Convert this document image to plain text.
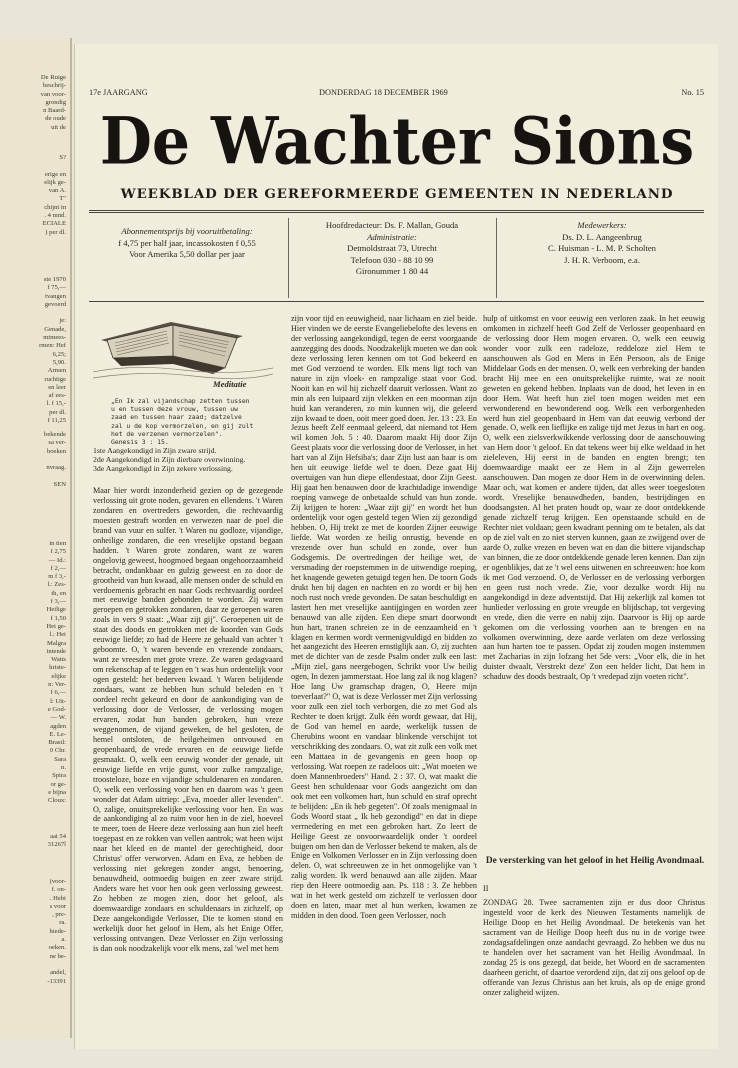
De Ruige
beschrij-
van voor-
grondig
n Baard-
de oude
uit de
S?

erige en
elijk ge-
van A.
T"
chijnt in
. 4 mnd.
ECIALE
) per dl.
ste 1970
f 75,—
tvangen
gevoerd

je:
Genade,
mtmees-
rmen: Hef
6,25;
5,90.
Armen
ruchtige
en leer
af zes-
l. f 15,-
per dl.
f 11,25
bekende
sa ver-
boeken

nvraag.

SEN
in tien
f 2,75
— Id.:
f 2,—
m f 3,-
l.: Zes-
th, en
f 3,—
Heilige
f 1,50
Het ge-
l.: Het
Malgra
intende
Watts
hriste-
elijke
n: Ver-
f 6,—
l: Uit-
e God-
— W.
agden
E. Le-
Brasil:
0 Chr.
Sara
n.
Spira
or ge-
e bijna
Cloux:
aat 54
31267l
(voor-
f. on-
. Hebt
s voor
, pre-
ra.
hiede-
a.
oeken.
ne be-

andel,
-13391
17e JAARGANG	DONDERDAG 18 DECEMBER 1969	No. 15
De Wachter Sions
WEEKBLAD DER GEREFORMEERDE GEMEENTEN IN NEDERLAND
Abonnementsprijs bij vooruitbetaling:
f 4,75 per half jaar, incassokosten f 0,55
Voor Amerika 5,50 dollar per jaar
Hoofdredacteur: Ds. F. Mallan, Gouda
Administratie:
Detmoldstraat 73, Utrecht
Telefoon 030 - 88 10 99
Gironummer 1 80 44
Medewerkers:
Ds. D. L. Aangeenbrug
C. Huisman - L. M. P. Scholten
J. H. R. Verboom, e.a.
Meditatie
„En Ik zal vijandschap zetten tussen
u en tussen deze vrouw, tussen uw
zaad en tussen haar zaad; datzelve
zal u de kop vermorzelen, en gij zult
het de verzenen vermorzelen".
Genesis 3 : 15.
1ste Aangekondigd in Zijn zware strijd.
2de Aangekondigd in Zijn dierbare overwinning.
3de Aangekondigd in Zijn zekere verlossing.

Maar hier wordt inzonderheid gezien op de gezegende verlossing uit grote noden, gevaren en ellendens. 't Waren zondaren en overtreders geworden, die rechtvaardig moesten gestraft worden en verwezen naar de poel die brand van vuur en sulfer. 't Waren nu godloze, vijandige, onheilige zondaren, die een vreselijke opstand begaan hadden. 't Waren grote zondaren, want ze waren ongelovig geweest, hoogmoed begaan ongehoorzaamheid betracht, ondankbaar en gulzig geweest en zo door de grootheid van hun kwaad, alle mensen onder de schuld en verdoemenis gebracht en naar Gods rechtvaardig oordeel met eeuwige banden gebonden te worden. Zij waren geroepen en getrokken zondaren, daar ze geroepen waren zoals in vers 9 staat: „Waar zijt gij". Geroepenen uit de staat des doods en getrokken met de koorden van Gods eeuwige liefde; zo had de Heere ze gehaald van achter 't geboomte. O, 't waren bevende en vrezende zondaars, want ze vreesden met grote vreze. Ze waren gedagvaard om rekenschap af te leggen en 't was hun ordentelijk voor ogen gesteld: het bederven kwaad. 't Waren belijdende zondaars, want ze hebben hun schuld beleden en 't oordeel recht gekeurd en door de aankondiging van de verlossing door de Verlosser, de verlossing mogen ervaren, zodat hun banden gebroken, hun vreze weggenomen, de vijand geweken, de hel gesloten, de hemel ontsloten, de heilgeheimen ontvouwd en geopenbaard, de vrede ervaren en de eeuwige liefde gesmaakt. O, welk een eeuwig wonder der genade, uit eeuwige liefde en vrije gunst, voor zulke rampzalige, troosteloze, boze en vijandige schuldenaren en zondaren. O, welk een verlossing voor hen en daarom was 't geen wonder dat Adam uitriep: „Eva, moeder aller levenden". O, zalige, onuitsprekelijke verlossing voor hen. En was de aankondiging al zo ruim voor hen in de ziel, hoeveel te meer, toen de Heere deze verlossing aan hun ziel heeft toegepast en ze rokken van vellen aantrok; wat heen wijst naar het kleed en de mantel der gerechtigheid, door Christus' offer verworven. Adam en Eva, ze hebben de verlossing niet gekregen zonder angst, benoering, benauwdheid, ootmoedig buigen en zeer zware strijd. Anders ware het voor hen ook geen verlossing geweest. Zo hebben ze mogen zien, door het geloof, als doemwaardige zondaars en schuldenaars in zichzelf, op Deze aangekondigde Verlosser, Die te komen stond en werkelijk door het geloof in Hem, als het Enige Offer, verlossing ontvangen. Deze Verlosser en Zijn verlossing is dan ook noodzakelijk voor elk mens, zal 'wel met hem

zijn voor tijd en eeuwigheid, naar lichaam en ziel beide. Hier vinden we de eerste Evangeliebelofte des levens en der verlossing aangekondigd, tegen de eerst voorgaande aanzegging des doods. Noodzakelijk moeten we dan ook deze verlossing leren kennen om tot God bekeerd en met God verzoend te worden. Elk mens ligt toch van nature in zijn vloek- en rampzalige staat voor God. Nooit kan en wil hij zichzelf daaruit verlossen. Want zo min als een luipaard zijn vlekken en een moorman zijn huid kan veranderen, zo min kunnen wij, die geleerd zijn kwaad te doen, ooit meer goed doen. Jer. 13 : 23. En Jezus heeft Zelf eenmaal geleerd, dat niemand tot Hem wil komen Joh. 5 : 40. Daarom maakt Hij door Zijn Geest plaats voor die verlossing door de Verlosser, in het hart van al Zijn Hefsiba's; daar Zijn lust aan haar is om hen uit eeuwige liefde wel te doen. Deze gaat Hij overtuigen van hun diepe ellendestaat, door Zijn Geest. Hij gaat hen benauwen door de krachtdadige inwendige roeping vanwege de onbetaalde schuld van hun zonde. Zij krijgen te horen: „Waar zijt gij" en wordt het hun ordentelijk voor ogen gesteld tegen Wien zij gezondigd hebben. O, Hij trekt ze met de koorden Zijner eeuwige liefde. Wat worden ze heilig onrustig, bevende en vrezende over hun schuld en zonde, over hun Godsgemis. De overtredingen der heilige wet, de versmading der roepstemmen in de uitwendige roeping, het knagende geweten getuigd tegen hen. De toorn Gods drukt hen bij dagen en nachten en zo wordt er bij hen noch rust noch vrede gevonden. De satan beschuldigt en lastert hen met vreselijke aantijgingen en worden zeer benauwd van alle zijden. Een diepe smart doorwondt hun hart, tranen schreien ze in de eenzaamheid en 't klagen en kermen wordt vermenigvuldigd en bidden zo het aangezicht des Heeren ernstiglijk aan. O, zij zuchten met de dichter van de zesde Psalm onder zulk een last: „Mijn ziel, gans neergebogen, Schrikt voor Uw heilig ogen, In dezen jammerstaat. Hoe lang zal ik nog klagen? Hoe lang Uw gramschap dragen, O, Heere mijn toeverlaat?" O, wat is deze Verlosser met Zijn verlossing voor zulk een ziel toch verborgen, die zo met God als Rechter te doen krijgt. Zulk één wordt gewaar, dat Hij, de God van hemel en aarde, werkelijk tussen de Cherubins woont en vandaar blinkende verschijnt tot verschrikking des zondaars. O, wat zit zulk een volk met een Mattaea in de gevangenis en geen hoop op verlossing. Wat roepen ze radeloos uit: „Wat moeten we doen Mannenbroeders" Hand. 2 : 37. O, wat maakt die Geest hen schuldenaar voor Gods aangezicht om dan ook met een volkomen hart, hun schuld en straf oprecht te belijden: „En ik heb gegeten". Of zoals menigmaal in Gods Woord staat „ Ik heb gezondigd" en dat in diepe verrnedering en met een gebroken hart. Zo leert de Heilige Geest ze onvoorwaardelijk onder 't oordeel buigen om hen dan de Verlosser bekend te maken, als de Enige en Volkomen Verlosser en in Zijn verlossing doen delen. O, wat schreeuwen ze in het onmogelijke van 't zalig worden. Ik werd benauwd aan alle zijden. Maar riep den Heere ootmoedig aan. Ps. 118 : 3. Ze hebben wat in het werk gesteld om zichzelf te verlossen door doen en laten, maar met al hun werken, kwamen ze midden in den dood. Toen geen Verlosser, noch

hulp of uitkomst en voor eeuwig een verloren zaak. In het eeuwig omkomen in zichzelf heeft God Zelf de Verlosser geopenbaard en de verlossing door Hem mogen ervaren. O, welk een eeuwig wonder voor zulk een radeloze, reddeloze ziel Hem te aanschouwen als God en Mens in Eén Persoon, als de Enige Middelaar Gods en der mensen. O, welk een verbreking der banden bracht Hij mee en een onuitsprekelijke ruimte, wat ze nooit geweten en gekend hebben. Inplaats van de dood, het leven in en door Hem. Wat heeft hun ziel toen mogen weiden met een verwonderend en bewonderend oog. Welk een verborgenheden werd hun ziel geopenbaard in Hem van dat eeuwig verbond der genade. O, welk een lieflijke en zalige tijd met Jezus in hart en oog. O, welk een zielsverkwikkende verlossing door de aanschouwing van Hem door 't geloof. En dat tekens weer bij elke weldaad in het zieleleven, Hij eerst in de banden en engten brengt; ten doemwaardige maakt eer ze Hem in al Zijn gewerrelen aanschouwen. Dan mogen ze door Hem in de overwinning delen. Maar och, wat komen er andere tijden, dat alles weer toegesloten wordt. Vreselijke benauwdheden, banden, bestrijdingen en doodsangsten. Al het praten houdt op, waar ze door ontdekkende genade zichzelf terug krijgen. Een openstaande schuld en de Rechter niet voldaan; geen kwadrant penning om te betalen, als dat op de ziel valt en zo niet sterven kunnen, gaan ze zwijgend over de aarde O, zulke vrezen en beven wat en dan die bittere vijandschap van binnen, die ze door ontdekkende genade leren kennen. Dan zijn er ogenblikjes, dat ze 't wel eens uitwenen en schreeuwen: hoe kom ik met God verzoend. O, de Verlosser en de verlossing verborgen en geen rust noch vrede. Zie, voor dezulke wordt Hij nu aangekondigd in deze adventstijd. Dat Hij zekerlijk zal komen tot hunlieder verlossing en grote vreugde en blijdschap, tot vergeving en vrede, dien die verre en nabij zijn. Daarvoor is Hij op aarde gekomen om die verlossing voorhen aan te brengen en na volkomen overwinning, deze aarde verlaten om deze verlossing aan hun harten toe te passen. Opdat zij zouden mogen instemmen met Zacharias in zijn lofzang het 5de vers: „Voor elk, die in het duister dwaalt, Verstrekt deze' Zon een helder licht, Dat hem in schaduw des doods bestraalt, Op 't vredepad zijn voeten richt".

De versterking van het geloof in het Heilig Avondmaal.
II

ZONDAG 28. Twee sacramenten zijn er dus door Christus ingesteld voor de kerk des Nieuwen Testaments namelijk de Heilige Doop en het Heilig Avondmaal. De betekenis van het sacrament van de Heilige Doop heeft dus nu in de vorige twee zondagsafdelingen onze aandacht gevraagd. Zo hebben we dus nu te handelen over het sacrament van het Heilig Avondmaal. In zondag 25 is ons gezegd, dat beide, het Woord en de sacramenten daarheen gericht, of daartoe verordend zijn, dat zij ons geloof op de offerande van Jezus Christus aan het kruis, als op de enige grond onzer zaligheid wijzen.
